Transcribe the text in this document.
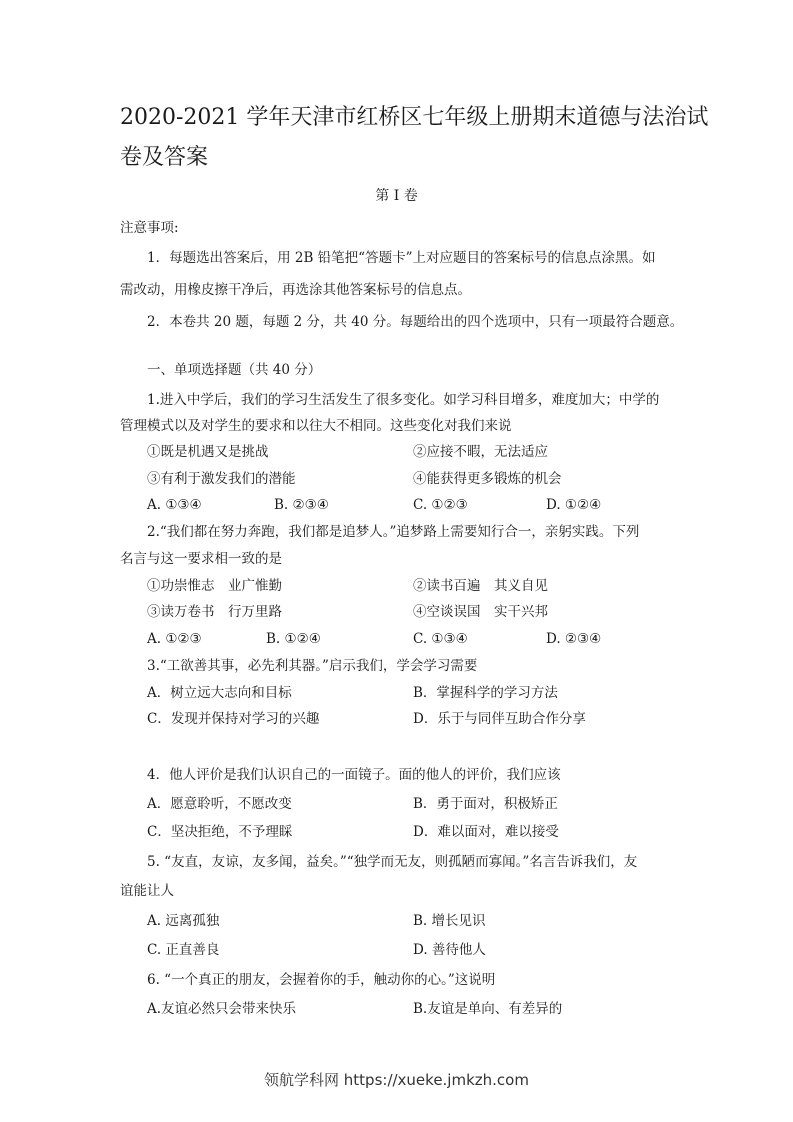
2020-2021 学年天津市红桥区七年级上册期末道德与法治试
卷及答案
第 I 卷
注意事项:
1．每题选出答案后，用 2B 铅笔把“答题卡”上对应题目的答案标号的信息点涂黑。如
需改动，用橡皮擦干净后，再选涂其他答案标号的信息点。
2．本卷共 20 题，每题 2 分，共 40 分。每题给出的四个选项中，只有一项最符合题意。
一、单项选择题（共 40 分）
1.进入中学后，我们的学习生活发生了很多变化。如学习科目增多，难度加大；中学的
管理模式以及对学生的要求和以往大不相同。这些变化对我们来说
①既是机遇又是挑战	②应接不暇，无法适应
③有利于激发我们的潜能	④能获得更多锻炼的机会
A. ①③④	B. ②③④	C. ①②③	D. ①②④
2.“我们都在努力奔跑，我们都是追梦人。”追梦路上需要知行合一，亲躬实践。下列
名言与这一要求相一致的是
①功崇惟志　业广惟勤	②读书百遍　其义自见
③读万卷书　行万里路	④空谈误国　实干兴邦
A. ①②③	B. ①②④	C. ①③④	D. ②③④
3.“工欲善其事，必先利其器。”启示我们，学会学习需要
A．树立远大志向和目标	B．掌握科学的学习方法
C．发现并保持对学习的兴趣	D．乐于与同伴互助合作分享
4．他人评价是我们认识自己的一面镜子。面的他人的评价，我们应该
A．愿意聆听，不愿改变	B．勇于面对，积极矫正
C．坚决拒绝，不予理睬	D．难以面对，难以接受
5. “友直，友谅，友多闻，益矣。”“独学而无友，则孤陋而寡闻。”名言告诉我们，友
谊能让人
A. 远离孤独	B. 增长见识
C. 正直善良	D. 善待他人
6. “一个真正的朋友，会握着你的手，触动你的心。”这说明
A.友谊必然只会带来快乐	B.友谊是单向、有差异的
领航学科网 https://xueke.jmkzh.com
